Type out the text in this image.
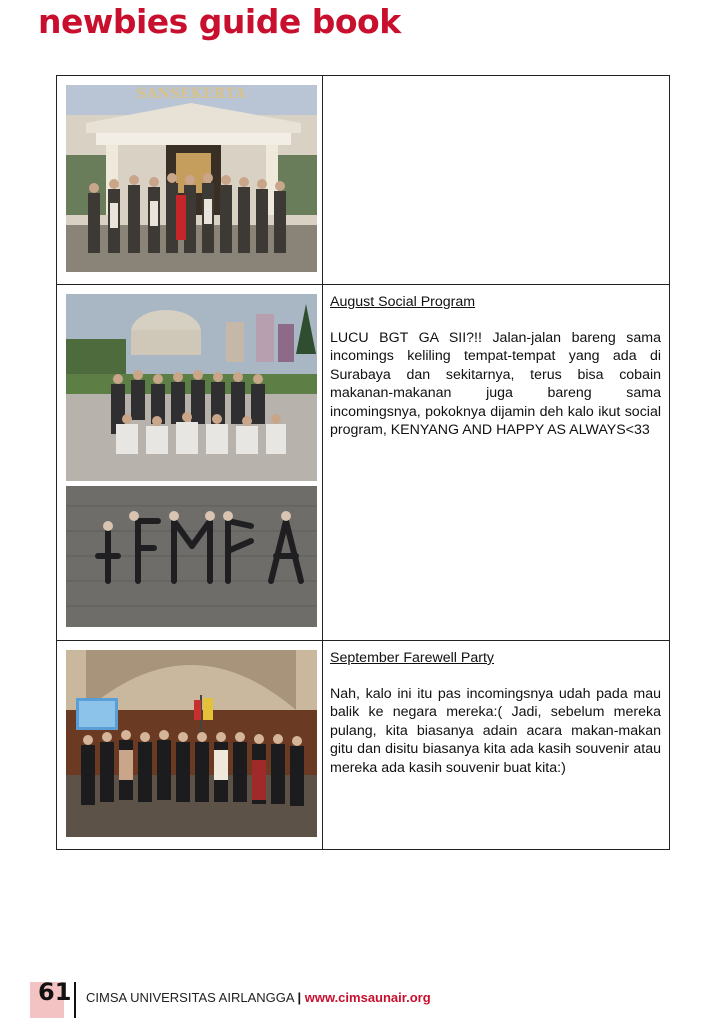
newbies guide book
SANSEKERTA	

August Social Program

LUCU BGT GA SII?!! Jalan-jalan bareng sama incomings keliling tempat-tempat yang ada di Surabaya dan sekitarnya, terus bisa cobain makanan-makanan juga bareng sama incomingsnya, pokoknya dijamin deh kalo ikut social program, KENYANG AND HAPPY AS ALWAYS<33

September Farewell Party

Nah, kalo ini itu pas incomingsnya udah pada mau balik ke negara mereka:( Jadi, sebelum mereka pulang, kita biasanya adain acara makan-makan gitu dan disitu biasanya kita ada kasih souvenir atau mereka ada kasih souvenir buat kita:)

61 CIMSA UNIVERSITAS AIRLANGGA | www.cimsaunair.org
